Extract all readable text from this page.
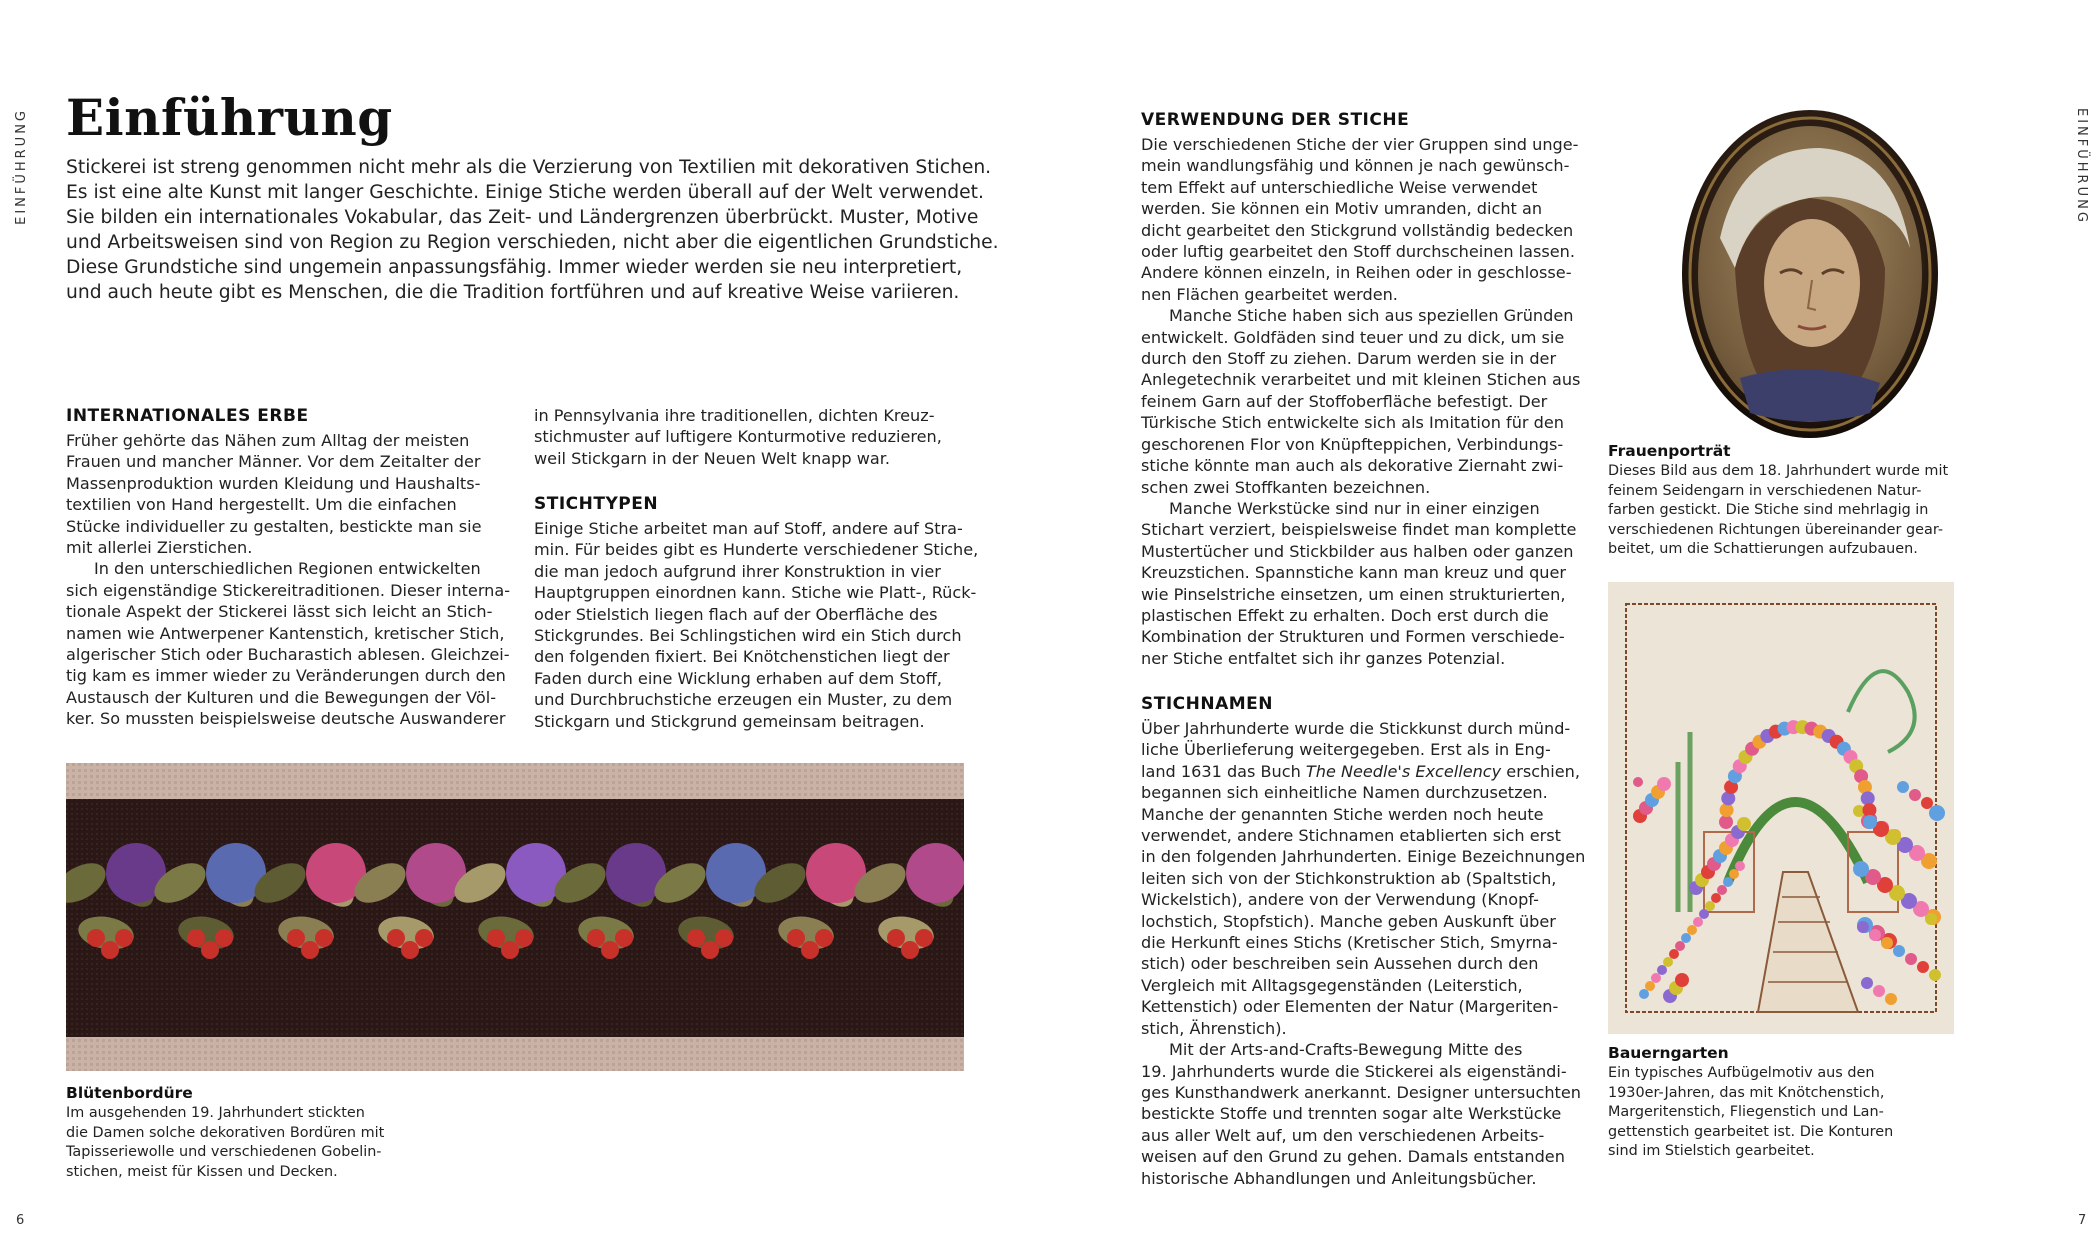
EINFÜHRUNG	EINFÜHRUNG
6	7
Einführung
Stickerei ist streng genommen nicht mehr als die Verzierung von Textilien mit dekorativen Stichen.
Es ist eine alte Kunst mit langer Geschichte. Einige Stiche werden überall auf der Welt verwendet.
Sie bilden ein internationales Vokabular, das Zeit- und Ländergrenzen überbrückt. Muster, Motive
und Arbeitsweisen sind von Region zu Region verschieden, nicht aber die eigentlichen Grundstiche.
Diese Grundstiche sind ungemein anpassungsfähig. Immer wieder werden sie neu interpretiert,
und auch heute gibt es Menschen, die die Tradition fortführen und auf kreative Weise variieren.
INTERNATIONALES ERBE
Früher gehörte das Nähen zum Alltag der meisten
Frauen und mancher Männer. Vor dem Zeitalter der
Massenproduktion wurden Kleidung und Haushalts-
textilien von Hand hergestellt. Um die einfachen
Stücke individueller zu gestalten, bestickte man sie
mit allerlei Zierstichen.
In den unterschiedlichen Regionen entwickelten
sich eigenständige Stickereitraditionen. Dieser interna-
tionale Aspekt der Stickerei lässt sich leicht an Stich-
namen wie Antwerpener Kantenstich, kretischer Stich,
algerischer Stich oder Bucharastich ablesen. Gleichzei-
tig kam es immer wieder zu Veränderungen durch den
Austausch der Kulturen und die Bewegungen der Völ-
ker. So mussten beispielsweise deutsche Auswanderer
in Pennsylvania ihre traditionellen, dichten Kreuz-
stichmuster auf luftigere Konturmotive reduzieren,
weil Stickgarn in der Neuen Welt knapp war.
STICHTYPEN
Einige Stiche arbeitet man auf Stoff, andere auf Stra-
min. Für beides gibt es Hunderte verschiedener Stiche,
die man jedoch aufgrund ihrer Konstruktion in vier
Hauptgruppen einordnen kann. Stiche wie Platt-, Rück-
oder Stielstich liegen flach auf der Oberfläche des
Stickgrundes. Bei Schlingstichen wird ein Stich durch
den folgenden fixiert. Bei Knötchenstichen liegt der
Faden durch eine Wicklung erhaben auf dem Stoff,
und Durchbruchstiche erzeugen ein Muster, zu dem
Stickgarn und Stickgrund gemeinsam beitragen.
Blütenbordüre
Im ausgehenden 19. Jahrhundert stickten
die Damen solche dekorativen Bordüren mit
Tapisseriewolle und verschiedenen Gobelin-
stichen, meist für Kissen und Decken.
VERWENDUNG DER STICHE
Die verschiedenen Stiche der vier Gruppen sind unge-
mein wandlungsfähig und können je nach gewünsch-
tem Effekt auf unterschiedliche Weise verwendet
werden. Sie können ein Motiv umranden, dicht an
dicht gearbeitet den Stickgrund vollständig bedecken
oder luftig gearbeitet den Stoff durchscheinen lassen.
Andere können einzeln, in Reihen oder in geschlosse-
nen Flächen gearbeitet werden.
Manche Stiche haben sich aus speziellen Gründen
entwickelt. Goldfäden sind teuer und zu dick, um sie
durch den Stoff zu ziehen. Darum werden sie in der
Anlegetechnik verarbeitet und mit kleinen Stichen aus
feinem Garn auf der Stoffoberfläche befestigt. Der
Türkische Stich entwickelte sich als Imitation für den
geschorenen Flor von Knüpfteppichen, Verbindungs-
stiche könnte man auch als dekorative Ziernaht zwi-
schen zwei Stoffkanten bezeichnen.
Manche Werkstücke sind nur in einer einzigen
Stichart verziert, beispielsweise findet man komplette
Mustertücher und Stickbilder aus halben oder ganzen
Kreuzstichen. Spannstiche kann man kreuz und quer
wie Pinselstriche einsetzen, um einen strukturierten,
plastischen Effekt zu erhalten. Doch erst durch die
Kombination der Strukturen und Formen verschiede-
ner Stiche entfaltet sich ihr ganzes Potenzial.
STICHNAMEN
Über Jahrhunderte wurde die Stickkunst durch münd-
liche Überlieferung weitergegeben. Erst als in Eng-
land 1631 das Buch The Needle's Excellency erschien,
begannen sich einheitliche Namen durchzusetzen.
Manche der genannten Stiche werden noch heute
verwendet, andere Stichnamen etablierten sich erst
in den folgenden Jahrhunderten. Einige Bezeichnungen
leiten sich von der Stichkonstruktion ab (Spaltstich,
Wickelstich), andere von der Verwendung (Knopf-
lochstich, Stopfstich). Manche geben Auskunft über
die Herkunft eines Stichs (Kretischer Stich, Smyrna-
stich) oder beschreiben sein Aussehen durch den
Vergleich mit Alltagsgegenständen (Leiterstich,
Kettenstich) oder Elementen der Natur (Margeriten-
stich, Ährenstich).
Mit der Arts-and-Crafts-Bewegung Mitte des
19. Jahrhunderts wurde die Stickerei als eigenständi-
ges Kunsthandwerk anerkannt. Designer untersuchten
bestickte Stoffe und trennten sogar alte Werkstücke
aus aller Welt auf, um den verschiedenen Arbeits-
weisen auf den Grund zu gehen. Damals entstanden
historische Abhandlungen und Anleitungsbücher.
Frauenporträt
Dieses Bild aus dem 18. Jahrhundert wurde mit
feinem Seidengarn in verschiedenen Natur-
farben gestickt. Die Stiche sind mehrlagig in
verschiedenen Richtungen übereinander gear-
beitet, um die Schattierungen aufzubauen.
Bauerngarten
Ein typisches Aufbügelmotiv aus den
1930er-Jahren, das mit Knötchenstich,
Margeritenstich, Fliegenstich und Lan-
gettenstich gearbeitet ist. Die Konturen
sind im Stielstich gearbeitet.
